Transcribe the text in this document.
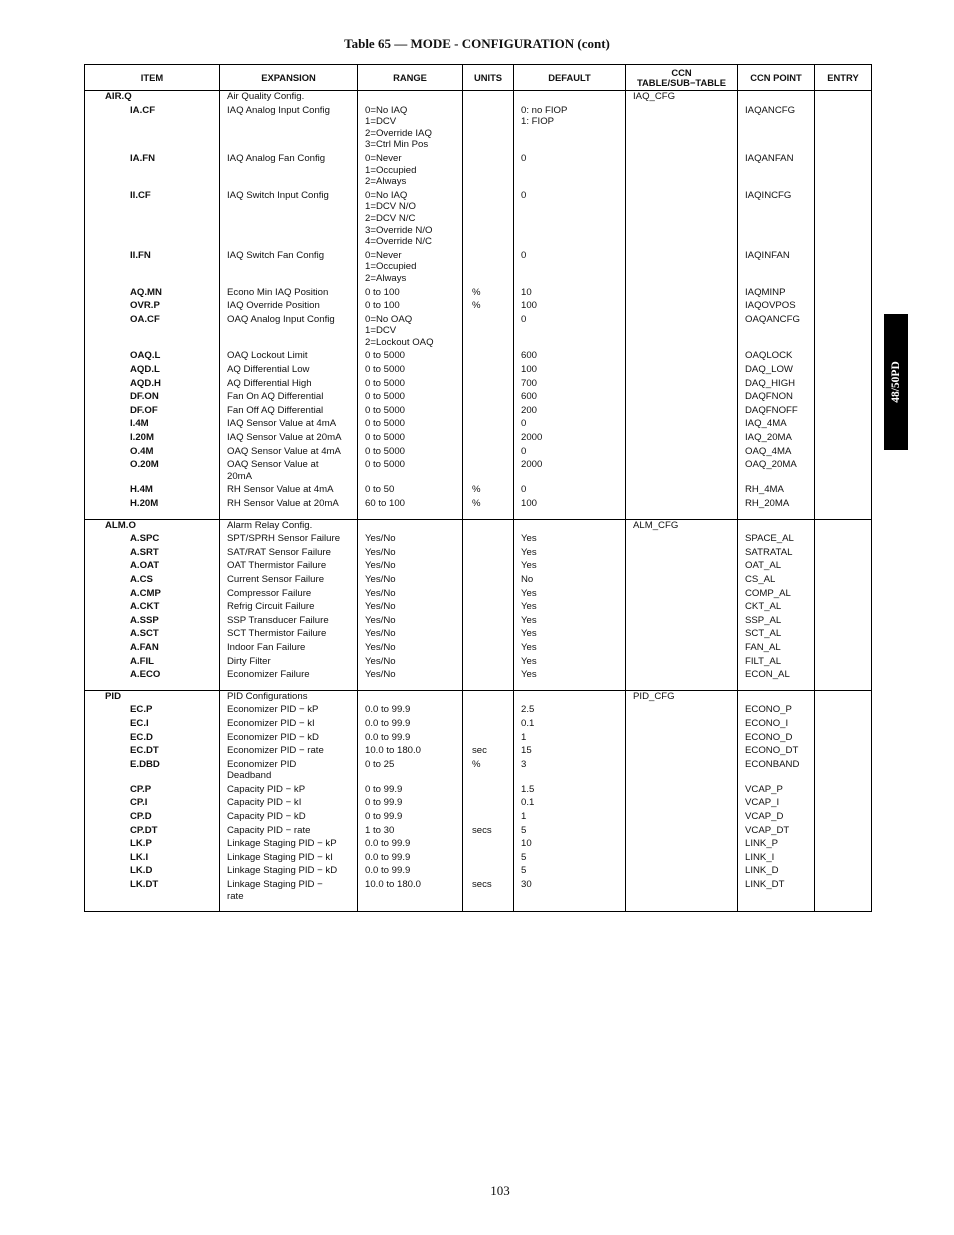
Table 65 — MODE - CONFIGURATION (cont)
ITEM	EXPANSION	RANGE	UNITS	DEFAULT	CCN
TABLE/SUB−TABLE	CCN POINT	ENTRY
AIR.Q	Air Quality Config.				IAQ_CFG		
IA.CF	IAQ Analog Input Config	0=No IAQ
1=DCV
2=Override IAQ
3=Ctrl Min Pos		0: no FIOP
1: FIOP		IAQANCFG	
IA.FN	IAQ Analog Fan Config	0=Never
1=Occupied
2=Always		0		IAQANFAN	
II.CF	IAQ Switch Input Config	0=No IAQ
1=DCV N/O
2=DCV N/C
3=Override N/O
4=Override N/C		0		IAQINCFG	
II.FN	IAQ Switch Fan Config	0=Never
1=Occupied
2=Always		0		IAQINFAN	
AQ.MN	Econo Min IAQ Position	0 to 100	%	10		IAQMINP	
OVR.P	IAQ Override Position	0 to 100	%	100		IAQOVPOS	
OA.CF	OAQ Analog Input Config	0=No OAQ
1=DCV
2=Lockout OAQ		0		OAQANCFG	
OAQ.L	OAQ Lockout Limit	0 to 5000		600		OAQLOCK	
AQD.L	AQ Differential Low	0 to 5000		100		DAQ_LOW	
AQD.H	AQ Differential High	0 to 5000		700		DAQ_HIGH	
DF.ON	Fan On AQ Differential	0 to 5000		600		DAQFNON	
DF.OF	Fan Off AQ Differential	0 to 5000		200		DAQFNOFF	
I.4M	IAQ Sensor Value at 4mA	0 to 5000		0		IAQ_4MA	
I.20M	IAQ Sensor Value at 20mA	0 to 5000		2000		IAQ_20MA	
O.4M	OAQ Sensor Value at 4mA	0 to 5000		0		OAQ_4MA	
O.20M	OAQ Sensor Value at
20mA	0 to 5000		2000		OAQ_20MA	
H.4M	RH Sensor Value at 4mA	0 to 50	%	0		RH_4MA	
H.20M	RH Sensor Value at 20mA	60 to 100	%	100		RH_20MA	
ALM.O	Alarm Relay Config.				ALM_CFG		
A.SPC	SPT/SPRH Sensor Failure	Yes/No		Yes		SPACE_AL	
A.SRT	SAT/RAT Sensor Failure	Yes/No		Yes		SATRATAL	
A.OAT	OAT Thermistor Failure	Yes/No		Yes		OAT_AL	
A.CS	Current Sensor Failure	Yes/No		No		CS_AL	
A.CMP	Compressor Failure	Yes/No		Yes		COMP_AL	
A.CKT	Refrig Circuit Failure	Yes/No		Yes		CKT_AL	
A.SSP	SSP Transducer Failure	Yes/No		Yes		SSP_AL	
A.SCT	SCT Thermistor Failure	Yes/No		Yes		SCT_AL	
A.FAN	Indoor Fan Failure	Yes/No		Yes		FAN_AL	
A.FIL	Dirty Filter	Yes/No		Yes		FILT_AL	
A.ECO	Economizer Failure	Yes/No		Yes		ECON_AL	
PID	PID Configurations				PID_CFG		
EC.P	Economizer PID − kP	0.0 to 99.9		2.5		ECONO_P	
EC.I	Economizer PID − kI	0.0 to 99.9		0.1		ECONO_I	
EC.D	Economizer PID − kD	0.0 to 99.9		1		ECONO_D	
EC.DT	Economizer PID − rate	10.0 to 180.0	sec	15		ECONO_DT	
E.DBD	Economizer PID
Deadband	0 to 25	%	3		ECONBAND	
CP.P	Capacity PID − kP	0 to 99.9		1.5		VCAP_P	
CP.I	Capacity PID − kI	0 to 99.9		0.1		VCAP_I	
CP.D	Capacity PID − kD	0 to 99.9		1		VCAP_D	
CP.DT	Capacity PID − rate	1 to 30	secs	5		VCAP_DT	
LK.P	Linkage Staging PID − kP	0.0 to 99.9		10		LINK_P	
LK.I	Linkage Staging PID − kI	0.0 to 99.9		5		LINK_I	
LK.D	Linkage Staging PID − kD	0.0 to 99.9		5		LINK_D	
LK.DT	Linkage Staging PID −
rate	10.0 to 180.0	secs	30		LINK_DT	
48/50PD
103
